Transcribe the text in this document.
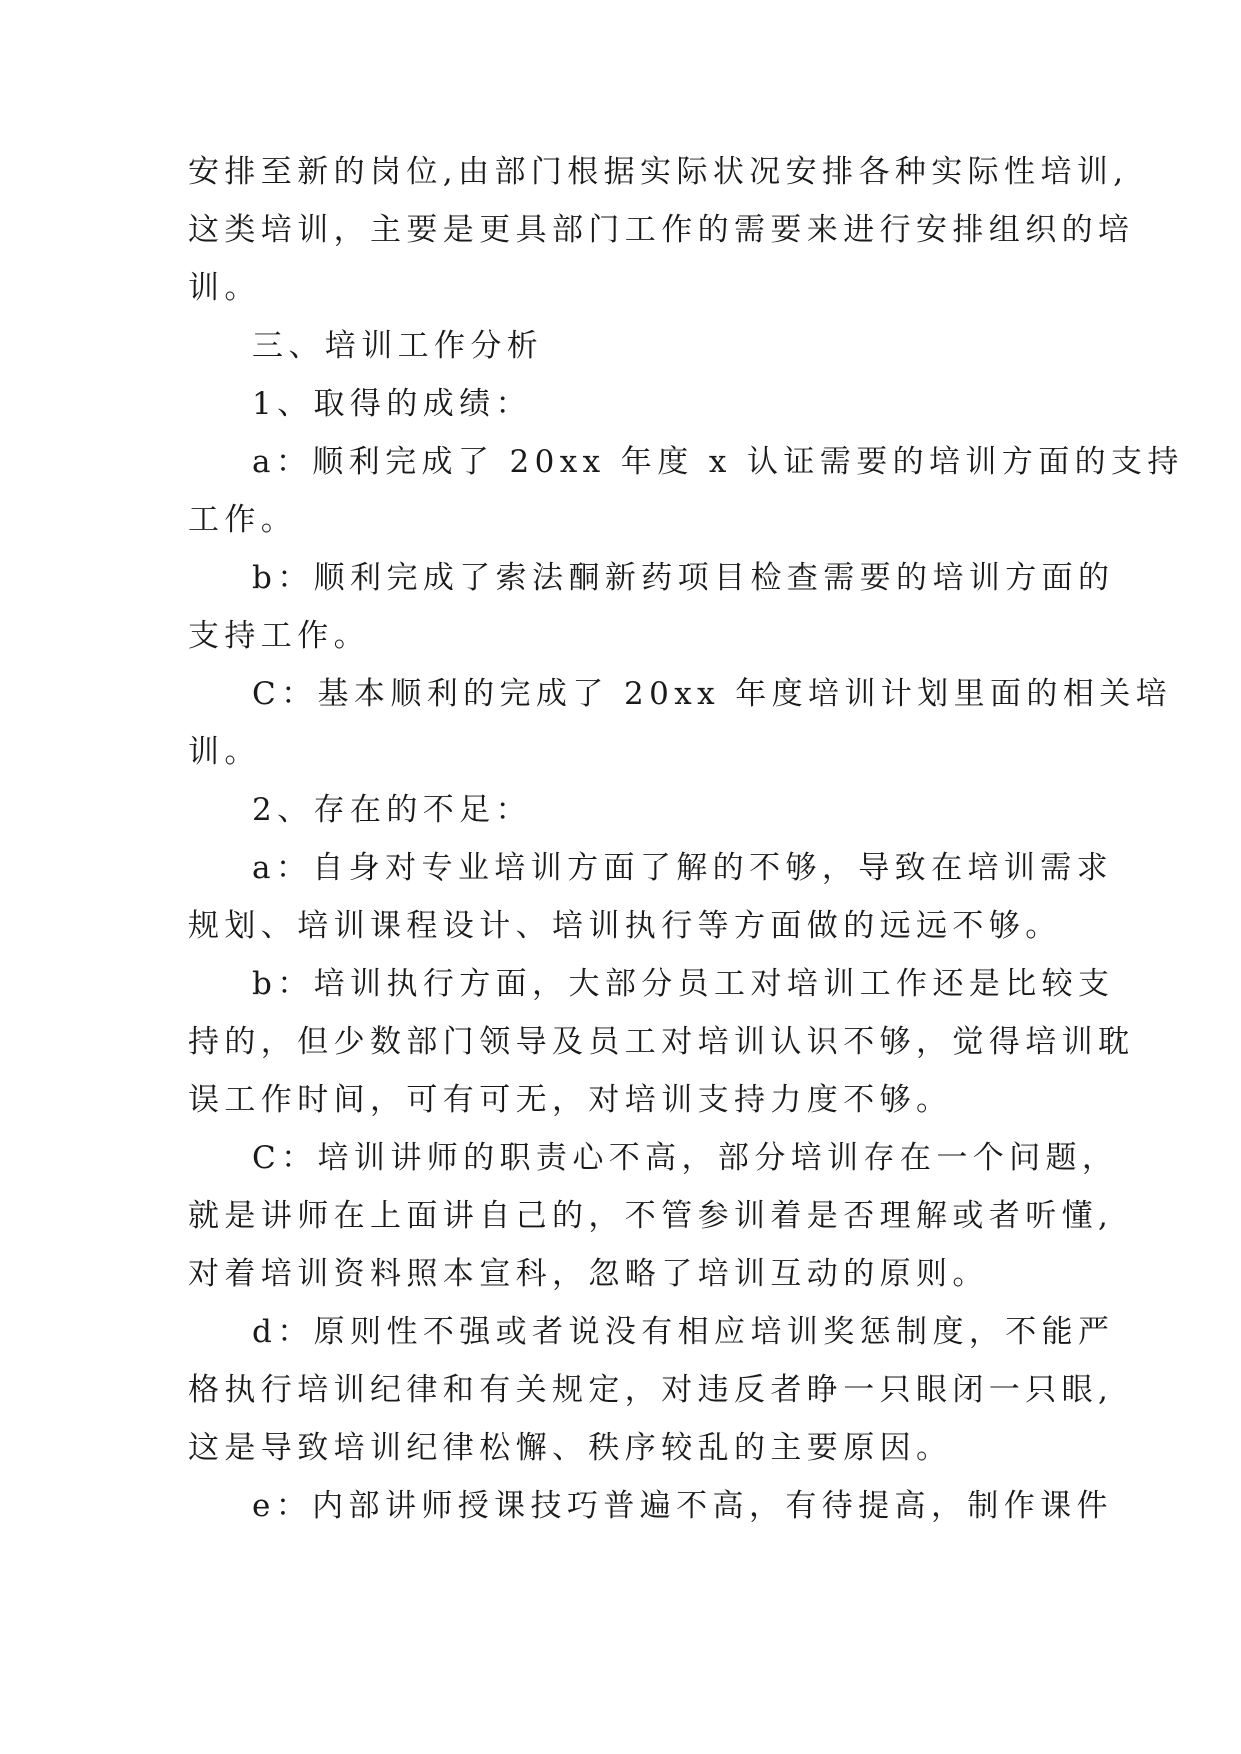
安排至新的岗位,由部门根据实际状况安排各种实际性培训,
这类培训，主要是更具部门工作的需要来进行安排组织的培
训。
三、培训工作分析
1、取得的成绩：
a：顺利完成了 20xx 年度 x 认证需要的培训方面的支持
工作。
b：顺利完成了索法酮新药项目检查需要的培训方面的
支持工作。
C：基本顺利的完成了 20xx 年度培训计划里面的相关培
训。
2、存在的不足：
a：自身对专业培训方面了解的不够，导致在培训需求
规划、培训课程设计、培训执行等方面做的远远不够。
b：培训执行方面，大部分员工对培训工作还是比较支
持的，但少数部门领导及员工对培训认识不够，觉得培训耽
误工作时间，可有可无，对培训支持力度不够。
C：培训讲师的职责心不高，部分培训存在一个问题，
就是讲师在上面讲自己的，不管参训着是否理解或者听懂,
对着培训资料照本宣科，忽略了培训互动的原则。
d：原则性不强或者说没有相应培训奖惩制度，不能严
格执行培训纪律和有关规定，对违反者睁一只眼闭一只眼,
这是导致培训纪律松懈、秩序较乱的主要原因。
e：内部讲师授课技巧普遍不高，有待提高，制作课件
